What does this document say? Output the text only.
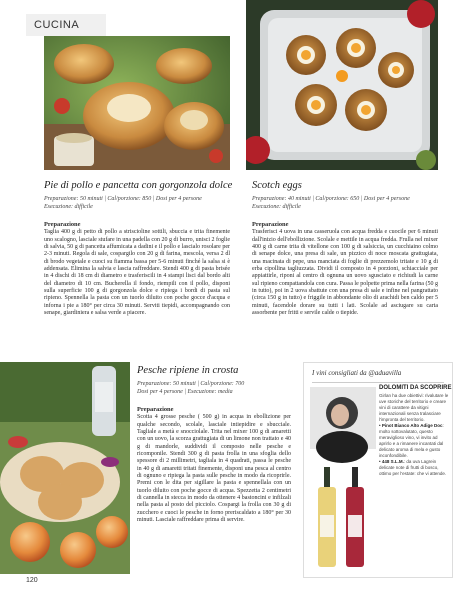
CUCINA
Pie di pollo e pancetta con gorgonzola dolce
Preparazione: 50 minuti | Cal/porzione: 850 | Dosi per 4 persone
Esecuzione: difficile
Preparazione
Taglia 400 g di petto di pollo a striscioline sottili, sbuccia e trita finemente uno scalogno, lasciale stufare in una padella con 20 g di burro, unisci 2 foglie di salvia, 50 g di pancetta affumicata a dadini e il pollo e lascialo rosolare per 2-3 minuti. Regola di sale, cospargilo con 20 g di farina, mescola, versa 2 dl di brodo vegetale e cuoci su fiamma bassa per 5-6 minuti finché la salsa si è addensata. Elimina la salvia e lascia raffreddare. Stendi 400 g di pasta brisée in 4 dischi di 18 cm di diametro e trasferiscili in 4 stampi lisci dal bordo alti del diametro di 10 cm. Bucherella il fondo, riempili con il pollo, disponi sulla superficie 100 g di gorgonzola dolce e ripiega i bordi di pasta sul ripieno. Spennella la pasta con un tuorlo diluito con poche gocce d'acqua e inforna i pie a 180° per circa 30 minuti. Serviti tiepidi, accompagnando con senape, giardiniera e salsa verde a piacere.
Scotch eggs
Preparazione: 40 minuti | Cal/porzione: 650 | Dosi per 4 persone
Esecuzione: difficile
Preparazione
Trasferisci 4 uova in una casseruola con acqua fredda e cuocile per 6 minuti dall'inizio dell'ebollizione. Scolale e mettile in acqua fredda. Frulla nel mixer 400 g di carne trita di vitellone con 100 g di salsiccia, un cucchiaino colmo di senape dolce, una presa di sale, un pizzico di noce moscata grattugiata, una macinata di pepe, una manciata di foglie di prezzemolo tritate e 10 g di erba cipollina tagliuzzata. Dividi il composto in 4 porzioni, schiacciale per appiattirle, riponi al centro di ognuna un uovo sgusciato e richiudi la carne sul ripieno compattandola con cura. Passa le polpette prima nella farina (50 g in tutto), poi in 2 uova sbattute con una presa di sale e infine nel pangrattato (circa 150 g in tutto) e friggile in abbondante olio di arachidi ben caldo per 5 minuti, facendole dorare su tutti i lati. Scolale ad asciugare su carta assorbente per fritti e servile calde o tiepide.
Pesche ripiene in crosta
Preparazione: 50 minuti | Cal/porzione: 700
Dosi per 4 persone | Esecuzione: media
Preparazione
Scotta 4 grosse pesche ( 500 g) in acqua in ebollizione per qualche secondo, scolale, lasciale intiepidire e sbucciale. Tagliale a metà e snocciolale. Trita nel mixer 100 g di amaretti con un uovo, la scorza grattugiata di un limone non trattato e 40 g di mandorle, suddividi il composto nelle pesche e ricomponile. Stendi 300 g di pasta frolla in una sfoglia dello spessore di 2 millimetri, tagliala in 4 quadrati, passa le pesche in 40 g di amaretti tritati finemente, disponi una pesca al centro di ognuno e ripiega la pasta sulle pesche in modo da ricoprirle. Premi con le dita per sigillare la pasta e spennellala con un tuorlo diluito con poche gocce di acqua. Spezzetta 2 centimetri di cannella in stecca in modo da ottenere 4 bastoncini e infilzali nella pasta al posto del picciolo. Cospargi la frolla con 30 g di zucchero e cuoci le pesche in forno preriscaldato a 180° per 30 minuti. Lasciale raffreddare prima di servire.
I vini consigliati da @aduavilla
DOLOMITI DA SCOPRIRE

Girlan ha due obiettivi: rivalutare le uve storiche del territorio e creare vini di carattere da vitigni internazionali senza tralasciare l'impronta del territorio.

• Pinot Bianco Alto Adige Doc: molto sottovalutato, questo meraviglioso vino, vi invito ad aprirlo e a rimanere incantati dal delicato aroma di mela e gusto inconfondibile.

• 448 S.L.M.: da uva Lagrein delicate note di frutti di bosco, ottimo per l'estate: che vi attende.

120
